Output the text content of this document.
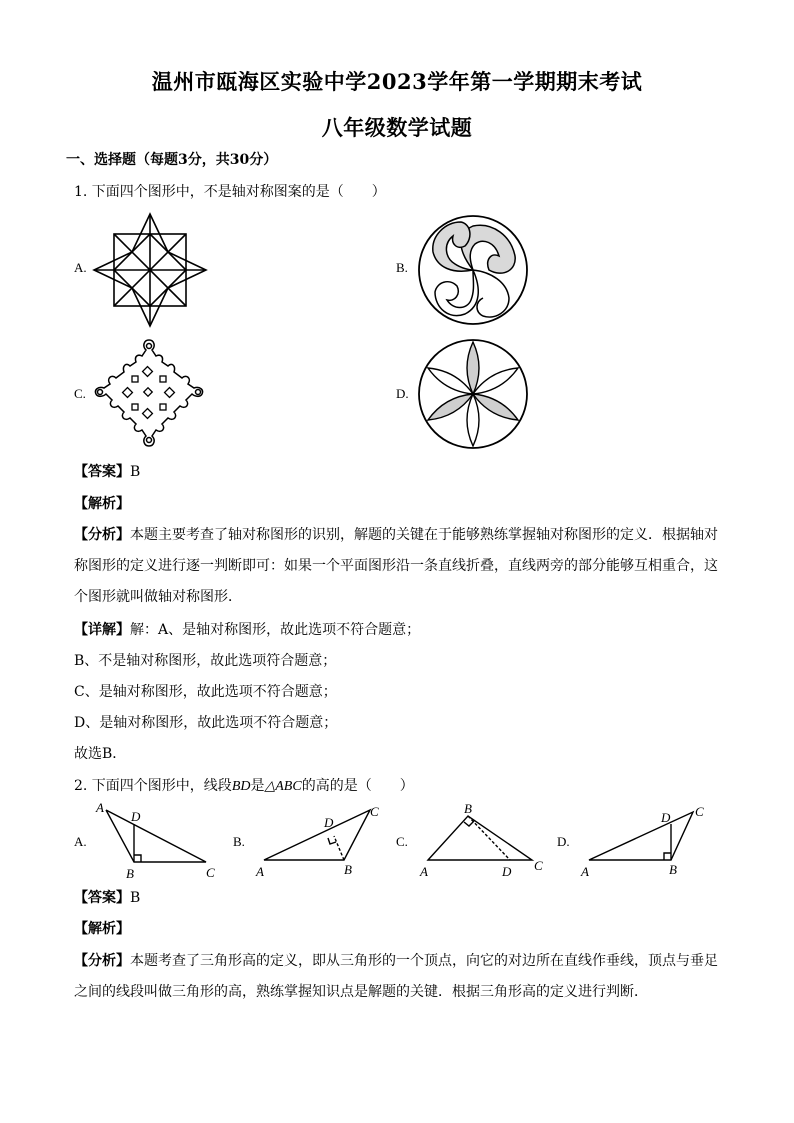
温州市瓯海区实验中学2023学年第一学期期末考试
八年级数学试题
一、选择题（每题3分，共30分）
1. 下面四个图形中，不是轴对称图案的是（　　）
A.	B.
C.	D.
【答案】B
【解析】
【分析】本题主要考查了轴对称图形的识别，解题的关键在于能够熟练掌握轴对称图形的定义．根据轴对称图形的定义进行逐一判断即可：如果一个平面图形沿一条直线折叠，直线两旁的部分能够互相重合，这个图形就叫做轴对称图形．
【详解】解：A、是轴对称图形，故此选项不符合题意；
B、不是轴对称图形，故此选项符合题意；
C、是轴对称图形，故此选项不符合题意；
D、是轴对称图形，故此选项不符合题意；
故选B．
2. 下面四个图形中，线段BD是△ABC的高的是（　　）
A.	B.	C.	D.
A
D
B	C
D
C
A	B
B
A	D C
D C
A	B
【答案】B
【解析】
【分析】本题考查了三角形高的定义，即从三角形的一个顶点，向它的对边所在直线作垂线，顶点与垂足之间的线段叫做三角形的高，熟练掌握知识点是解题的关键．根据三角形高的定义进行判断．
